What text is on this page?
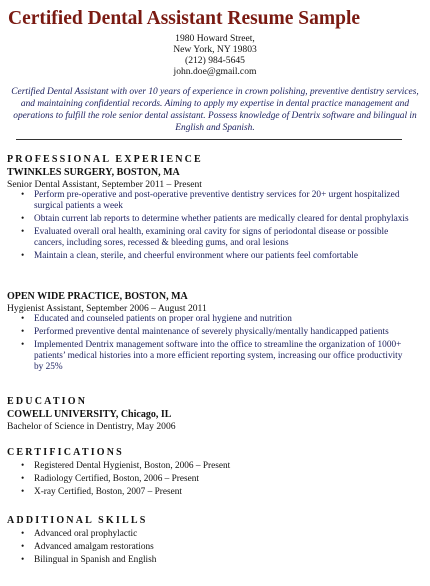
Certified Dental Assistant Resume Sample
1980 Howard Street,
New York, NY 19803
(212) 984-5645
john.doe@gmail.com
Certified Dental Assistant with over 10 years of experience in crown polishing, preventive dentistry services, and maintaining confidential records. Aiming to apply my expertise in dental practice management and operations to fulfill the role senior dental assistant. Possess knowledge of Dentrix software and bilingual in English and Spanish.
PROFESSIONAL EXPERIENCE
TWINKLES SURGERY, BOSTON, MA
Senior Dental Assistant, September 2011 – Present
• Perform pre-operative and post-operative preventive dentistry services for 20+ urgent hospitalized surgical patients a week
• Obtain current lab reports to determine whether patients are medically cleared for dental prophylaxis
• Evaluated overall oral health, examining oral cavity for signs of periodontal disease or possible cancers, including sores, recessed & bleeding gums, and oral lesions
• Maintain a clean, sterile, and cheerful environment where our patients feel comfortable
OPEN WIDE PRACTICE, BOSTON, MA
Hygienist Assistant, September 2006 – August 2011
• Educated and counseled patients on proper oral hygiene and nutrition
• Performed preventive dental maintenance of severely physically/mentally handicapped patients
• Implemented Dentrix management software into the office to streamline the organization of 1000+ patients’ medical histories into a more efficient reporting system, increasing our office productivity by 25%
EDUCATION
COWELL UNIVERSITY, Chicago, IL
Bachelor of Science in Dentistry, May 2006
CERTIFICATIONS
• Registered Dental Hygienist, Boston, 2006 – Present
• Radiology Certified, Boston, 2006 – Present
• X-ray Certified, Boston, 2007 – Present
ADDITIONAL SKILLS
• Advanced oral prophylactic
• Advanced amalgam restorations
• Bilingual in Spanish and English
